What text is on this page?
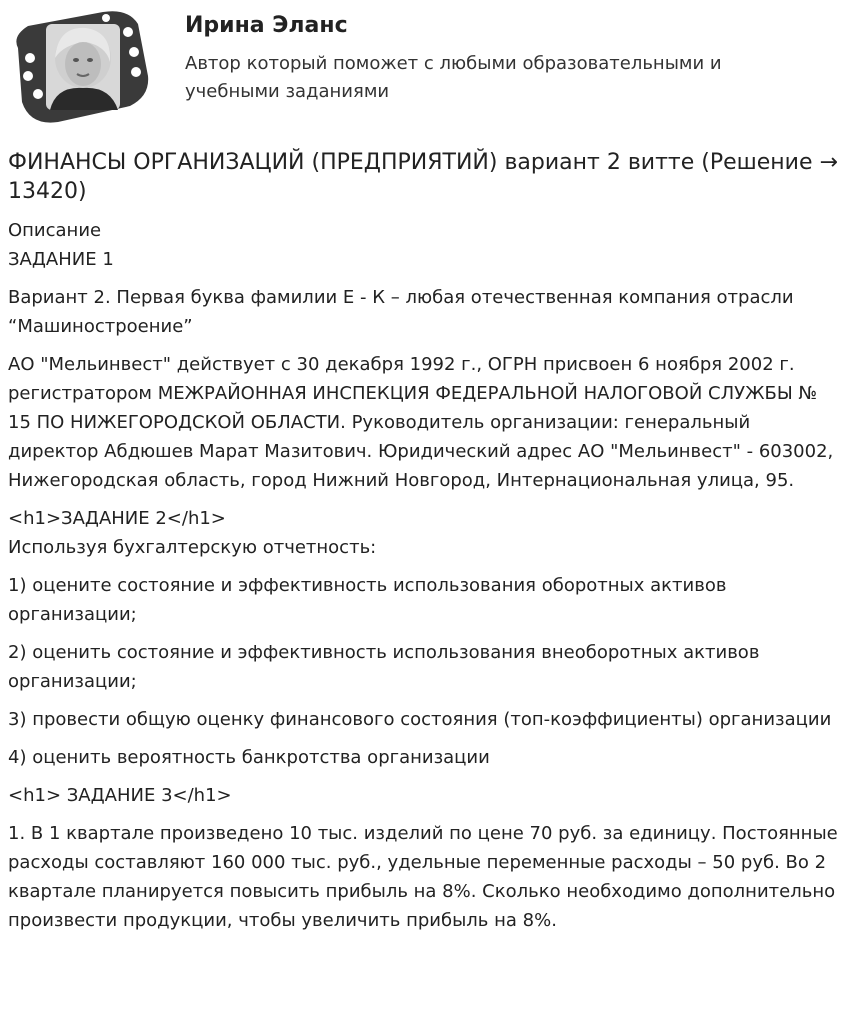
Ирина Эланс
Автор который поможет с любыми образовательными и учебными заданиями
ФИНАНСЫ ОРГАНИЗАЦИЙ (ПРЕДПРИЯТИЙ) вариант 2 витте (Решение → 13420)
Описание
ЗАДАНИЕ 1
Вариант 2. Первая буква фамилии Е - К – любая отечественная компания отрасли “Машиностроение”
АО "Мельинвест" действует с 30 декабря 1992 г., ОГРН присвоен 6 ноября 2002 г. регистратором МЕЖРАЙОННАЯ ИНСПЕКЦИЯ ФЕДЕРАЛЬНОЙ НАЛОГОВОЙ СЛУЖБЫ № 15 ПО НИЖЕГОРОДСКОЙ ОБЛАСТИ. Руководитель организации: генеральный директор Абдюшев Марат Мазитович. Юридический адрес АО "Мельинвест" - 603002, Нижегородская область, город Нижний Новгород, Интернациональная улица, 95.
<h1>ЗАДАНИЕ 2</h1>
Используя бухгалтерскую отчетность:
1) оцените состояние и эффективность использования оборотных активов организации;
2) оценить состояние и эффективность использования внеоборотных активов организации;
3) провести общую оценку финансового состояния (топ-коэффициенты) организации
4) оценить вероятность банкротства организации
<h1> ЗАДАНИЕ 3</h1>
1. В 1 квартале произведено 10 тыс. изделий по цене 70 руб. за единицу. Постоянные расходы составляют 160 000 тыс. руб., удельные переменные расходы – 50 руб. Во 2 квартале планируется повысить прибыль на 8%. Сколько необходимо дополнительно произвести продукции, чтобы увеличить прибыль на 8%.
